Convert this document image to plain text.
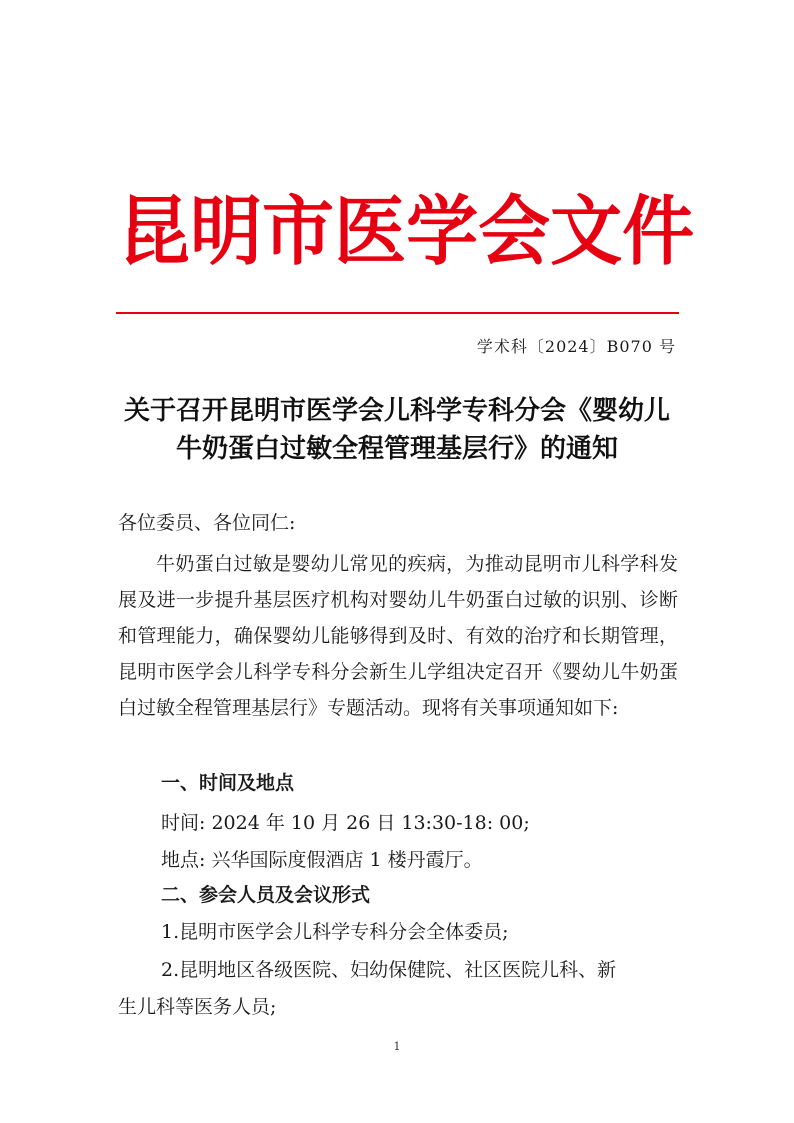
昆 明 市 医 学 会 文 件
学术科〔2024〕B070 号
关于召开昆明市医学会儿科学专科分会《婴幼儿
牛奶蛋白过敏全程管理基层行》的通知
各位委员、各位同仁:
牛奶蛋白过敏是婴幼儿常见的疾病，为推动昆明市儿科学科发展及进一步提升基层医疗机构对婴幼儿牛奶蛋白过敏的识别、诊断和管理能力，确保婴幼儿能够得到及时、有效的治疗和长期管理，昆明市医学会儿科学专科分会新生儿学组决定召开《婴幼儿牛奶蛋白过敏全程管理基层行》专题活动。现将有关事项通知如下:
一、时间及地点
时间: 2024 年 10 月 26 日 13:30-18: 00;
地点: 兴华国际度假酒店 1 楼丹霞厅。
二、参会人员及会议形式
1.昆明市医学会儿科学专科分会全体委员;
2.昆明地区各级医院、妇幼保健院、社区医院儿科、新
生儿科等医务人员;
1
